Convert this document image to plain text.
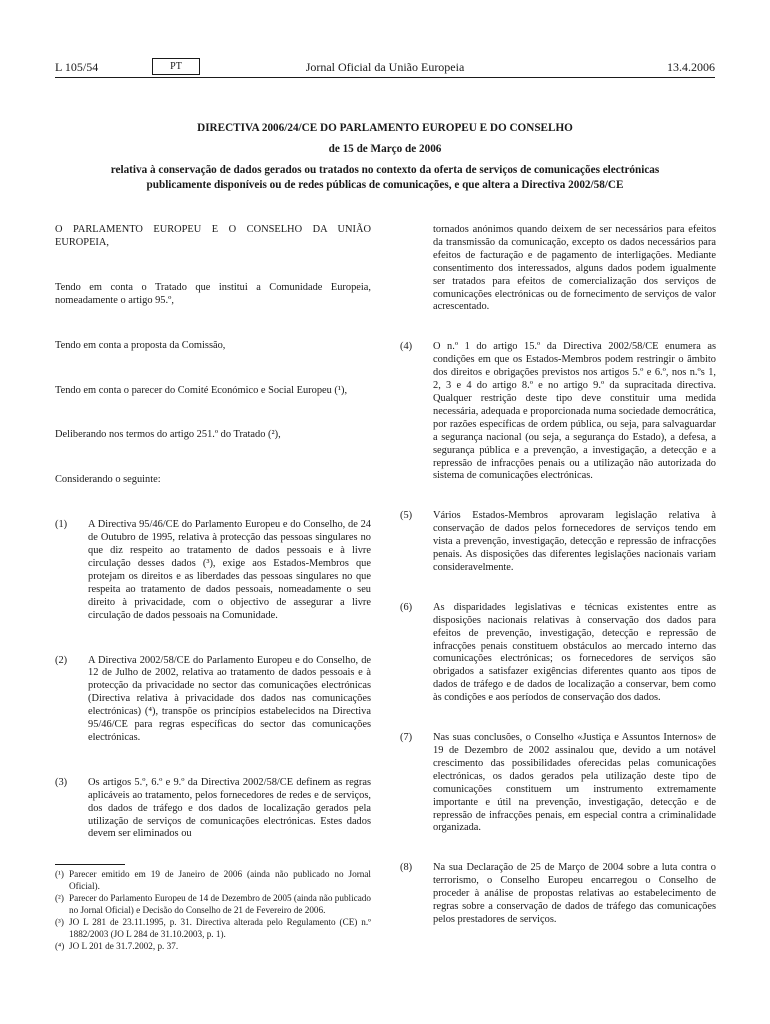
L 105/54	PT	Jornal Oficial da União Europeia	13.4.2006
DIRECTIVA 2006/24/CE DO PARLAMENTO EUROPEU E DO CONSELHO
de 15 de Março de 2006
relativa à conservação de dados gerados ou tratados no contexto da oferta de serviços de comunicações electrónicas publicamente disponíveis ou de redes públicas de comunicações, e que altera a Directiva 2002/58/CE

O PARLAMENTO EUROPEU E O CONSELHO DA UNIÃO EUROPEIA,

Tendo em conta o Tratado que institui a Comunidade Europeia, nomeadamente o artigo 95.º,

Tendo em conta a proposta da Comissão,

Tendo em conta o parecer do Comité Económico e Social Europeu (¹),

Deliberando nos termos do artigo 251.º do Tratado (²),

Considerando o seguinte:

(1)	A Directiva 95/46/CE do Parlamento Europeu e do Conselho, de 24 de Outubro de 1995, relativa à protecção das pessoas singulares no que diz respeito ao tratamento de dados pessoais e à livre circulação desses dados (³), exige aos Estados-Membros que protejam os direitos e as liberdades das pessoas singulares no que respeita ao tratamento de dados pessoais, nomeadamente o seu direito à privacidade, com o objectivo de assegurar a livre circulação de dados pessoais na Comunidade.
(2)	A Directiva 2002/58/CE do Parlamento Europeu e do Conselho, de 12 de Julho de 2002, relativa ao tratamento de dados pessoais e à protecção da privacidade no sector das comunicações electrónicas (Directiva relativa à privacidade dos dados nas comunicações electrónicas) (⁴), transpõe os princípios estabelecidos na Directiva 95/46/CE para regras específicas do sector das comunicações electrónicas.
(3)	Os artigos 5.º, 6.º e 9.º da Directiva 2002/58/CE definem as regras aplicáveis ao tratamento, pelos fornecedores de redes e de serviços, dos dados de tráfego e dos dados de localização gerados pela utilização de serviços de comunicações electrónicas. Estes dados devem ser eliminados ou
(¹) Parecer emitido em 19 de Janeiro de 2006 (ainda não publicado no Jornal Oficial).
(²) Parecer do Parlamento Europeu de 14 de Dezembro de 2005 (ainda não publicado no Jornal Oficial) e Decisão do Conselho de 21 de Fevereiro de 2006.
(³) JO L 281 de 23.11.1995, p. 31. Directiva alterada pelo Regulamento (CE) n.º 1882/2003 (JO L 284 de 31.10.2003, p. 1).
(⁴) JO L 201 de 31.7.2002, p. 37.

tornados anónimos quando deixem de ser necessários para efeitos da transmissão da comunicação, excepto os dados necessários para efeitos de facturação e de pagamento de interligações. Mediante consentimento dos interessados, alguns dados podem igualmente ser tratados para efeitos de comercialização dos serviços de comunicações electrónicas ou de fornecimento de serviços de valor acrescentado.

(4)	O n.º 1 do artigo 15.º da Directiva 2002/58/CE enumera as condições em que os Estados-Membros podem restringir o âmbito dos direitos e obrigações previstos nos artigos 5.º e 6.º, nos n.ºs 1, 2, 3 e 4 do artigo 8.º e no artigo 9.º da supracitada directiva. Qualquer restrição deste tipo deve constituir uma medida necessária, adequada e proporcionada numa sociedade democrática, por razões específicas de ordem pública, ou seja, para salvaguardar a segurança nacional (ou seja, a segurança do Estado), a defesa, a segurança pública e a prevenção, a investigação, a detecção e a repressão de infracções penais ou a utilização não autorizada do sistema de comunicações electrónicas.
(5)	Vários Estados-Membros aprovaram legislação relativa à conservação de dados pelos fornecedores de serviços tendo em vista a prevenção, investigação, detecção e repressão de infracções penais. As disposições das diferentes legislações nacionais variam consideravelmente.
(6)	As disparidades legislativas e técnicas existentes entre as disposições nacionais relativas à conservação dos dados para efeitos de prevenção, investigação, detecção e repressão de infracções penais constituem obstáculos ao mercado interno das comunicações electrónicas; os fornecedores de serviços são obrigados a satisfazer exigências diferentes quanto aos tipos de dados de tráfego e de dados de localização a conservar, bem como às condições e aos períodos de conservação dos dados.
(7)	Nas suas conclusões, o Conselho «Justiça e Assuntos Internos» de 19 de Dezembro de 2002 assinalou que, devido a um notável crescimento das possibilidades oferecidas pelas comunicações electrónicas, os dados gerados pela utilização deste tipo de comunicações constituem um instrumento extremamente importante e útil na prevenção, investigação, detecção e de repressão de infracções penais, em especial contra a criminalidade organizada.
(8)	Na sua Declaração de 25 de Março de 2004 sobre a luta contra o terrorismo, o Conselho Europeu encarregou o Conselho de proceder à análise de propostas relativas ao estabelecimento de regras sobre a conservação de dados de tráfego das comunicações pelos prestadores de serviços.
